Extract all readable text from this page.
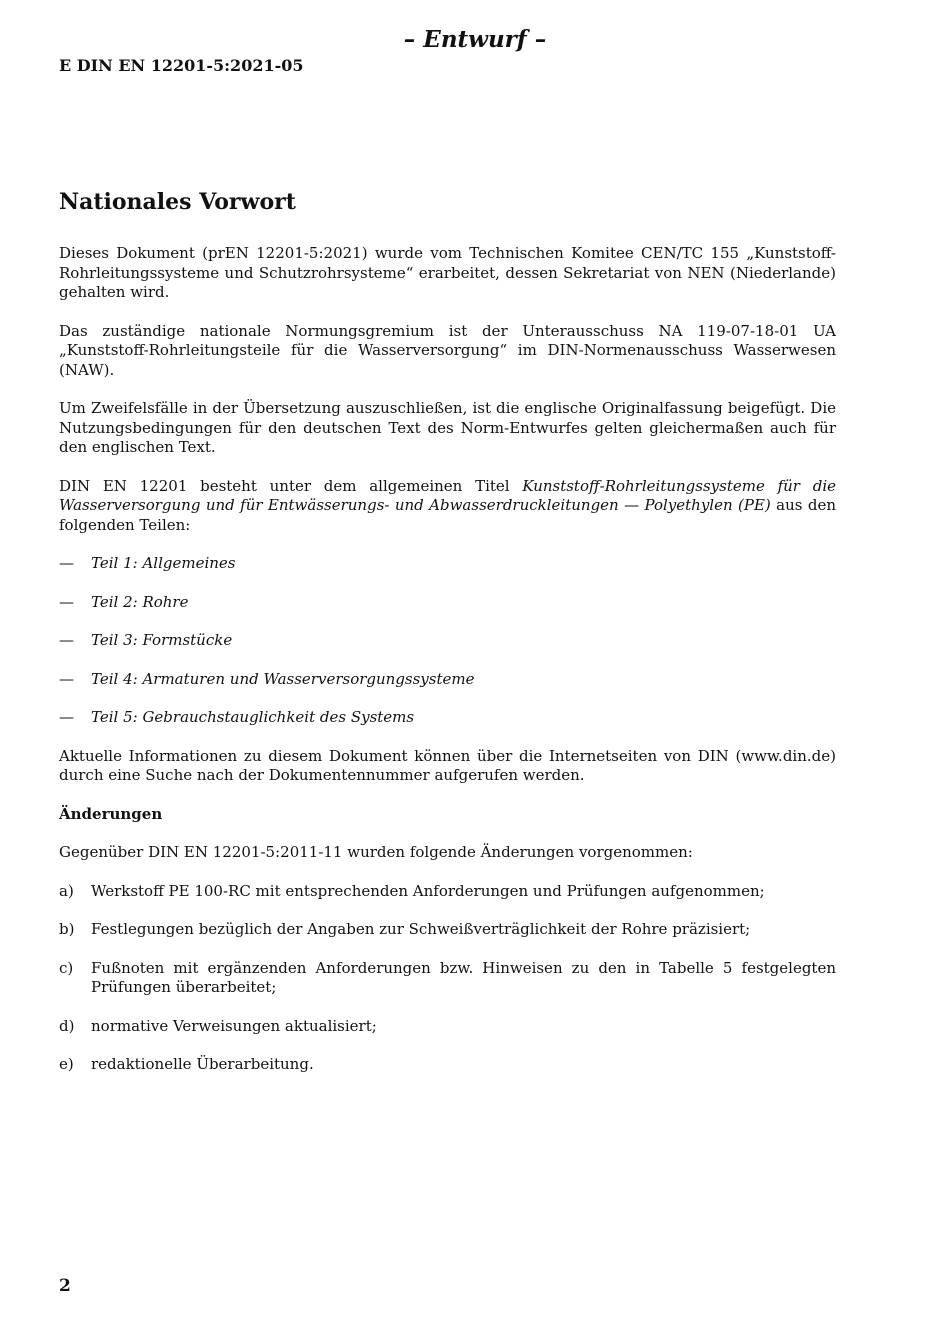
– Entwurf –

E DIN EN 12201-5:2021-05

Nationales Vorwort

Dieses Dokument (prEN 12201-5:2021) wurde vom Technischen Komitee CEN/TC 155 „Kunststoff-Rohrleitungssysteme und Schutzrohrsysteme“ erarbeitet, dessen Sekretariat von NEN (Niederlande) gehalten wird.

Das zuständige nationale Normungsgremium ist der Unterausschuss NA 119-07-18-01 UA „Kunststoff-Rohrleitungsteile für die Wasserversorgung“ im DIN-Normenausschuss Wasserwesen (NAW).

Um Zweifelsfälle in der Übersetzung auszuschließen, ist die englische Originalfassung beigefügt. Die Nutzungsbedingungen für den deutschen Text des Norm-Entwurfes gelten gleichermaßen auch für den englischen Text.

DIN EN 12201 besteht unter dem allgemeinen Titel Kunststoff-Rohrleitungssysteme für die Wasserversorgung und für Entwässerungs- und Abwasserdruckleitungen — Polyethylen (PE) aus den folgenden Teilen:

— Teil 1: Allgemeines
— Teil 2: Rohre
— Teil 3: Formstücke
— Teil 4: Armaturen und Wasserversorgungssysteme
— Teil 5: Gebrauchstauglichkeit des Systems

Aktuelle Informationen zu diesem Dokument können über die Internetseiten von DIN (www.din.de) durch eine Suche nach der Dokumentennummer aufgerufen werden.

Änderungen

Gegenüber DIN EN 12201-5:2011-11 wurden folgende Änderungen vorgenommen:

a) Werkstoff PE 100-RC mit entsprechenden Anforderungen und Prüfungen aufgenommen;
b) Festlegungen bezüglich der Angaben zur Schweißverträglichkeit der Rohre präzisiert;
c) Fußnoten mit ergänzenden Anforderungen bzw. Hinweisen zu den in Tabelle 5 festgelegten Prüfungen überarbeitet;
d) normative Verweisungen aktualisiert;
e) redaktionelle Überarbeitung.

2
